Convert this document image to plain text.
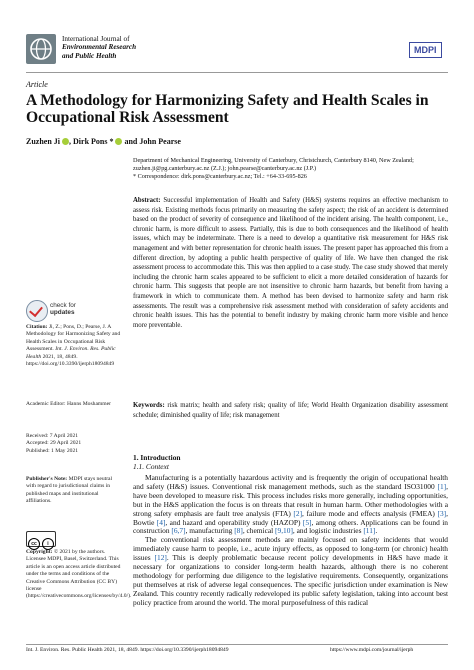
International Journal of
Environmental Research
and Public Health
MDPI
Article
A Methodology for Harmonizing Safety and Health Scales in Occupational Risk Assessment
Zuzhen Ji , Dirk Pons *  and John Pearse
Department of Mechanical Engineering, University of Canterbury, Christchurch, Canterbury 8140, New Zealand;
zuzhen.ji@pg.canterbury.ac.nz (Z.J.); john.pearse@canterbury.ac.nz (J.P.)
* Correspondence: dirk.pons@canterbury.ac.nz; Tel.: +64-33-695-826
Abstract: Successful implementation of Health and Safety (H&S) systems requires an effective mechanism to assess risk. Existing methods focus primarily on measuring the safety aspect; the risk of an accident is determined based on the product of severity of consequence and likelihood of the incident arising. The health component, i.e., chronic harm, is more difficult to assess. Partially, this is due to both consequences and the likelihood of health issues, which may be indeterminate. There is a need to develop a quantitative risk measurement for H&S risk management and with better representation for chronic health issues. The present paper has approached this from a different direction, by adopting a public health perspective of quality of life. We have then changed the risk assessment process to accommodate this. This was then applied to a case study. The case study showed that merely including the chronic harm scales appeared to be sufficient to elicit a more detailed consideration of hazards for chronic harm. This suggests that people are not insensitive to chronic harm hazards, but benefit from having a framework in which to communicate them. A method has been devised to harmonize safety and harm risk assessments. The result was a comprehensive risk assessment method with consideration of safety accidents and chronic health issues. This has the potential to benefit industry by making chronic harm more visible and hence more preventable.
Keywords: risk matrix; health and safety risk; quality of life; World Health Organization disability assessment schedule; diminished quality of life; risk management
check for
updates
Citation: Ji, Z.; Pons, D.; Pearse, J. A Methodology for Harmonizing Safety and Health Scales in Occupational Risk Assessment. Int. J. Environ. Res. Public Health 2021, 18, 4849. https://doi.org/10.3390/ijerph18094849
Academic Editor: Hanns Moshammer
Received: 7 April 2021
Accepted: 29 April 2021
Published: 1 May 2021
Publisher's Note: MDPI stays neutral with regard to jurisdictional claims in published maps and institutional affiliations.
cc i
Copyright: © 2021 by the authors. Licensee MDPI, Basel, Switzerland. This article is an open access article distributed under the terms and conditions of the Creative Commons Attribution (CC BY) license (https://creativecommons.org/licenses/by/4.0/).
1. Introduction
1.1. Context

Manufacturing is a potentially hazardous activity and is frequently the origin of occupational health and safety (H&S) issues. Conventional risk management methods, such as the standard ISO31000 [1], have been developed to measure risk. This process includes risks more generally, including opportunities, but in the H&S application the focus is on threats that result in human harm. Other methodologies with a strong safety emphasis are fault tree analysis (FTA) [2], failure mode and effects analysis (FMEA) [3], Bowtie [4], and hazard and operability study (HAZOP) [5], among others. Applications can be found in construction [6,7], manufacturing [8], chemical [9,10], and logistic industries [11].

The conventional risk assessment methods are mainly focused on safety incidents that would immediately cause harm to people, i.e., acute injury effects, as opposed to long-term (or chronic) health issues [12]. This is deeply problematic because recent policy developments in H&S have made it necessary for organizations to consider long-term health hazards, although there is no coherent methodology for performing due diligence to the legislative requirements. Consequently, organizations put themselves at risk of adverse legal consequences. The specific jurisdiction under examination is New Zealand. This country recently radically redeveloped its public safety legislation, taking into account best policy practice from around the world. The moral purposefulness of this radical

Int. J. Environ. Res. Public Health 2021, 18, 4849. https://doi.org/10.3390/ijerph18094849	https://www.mdpi.com/journal/ijerph
